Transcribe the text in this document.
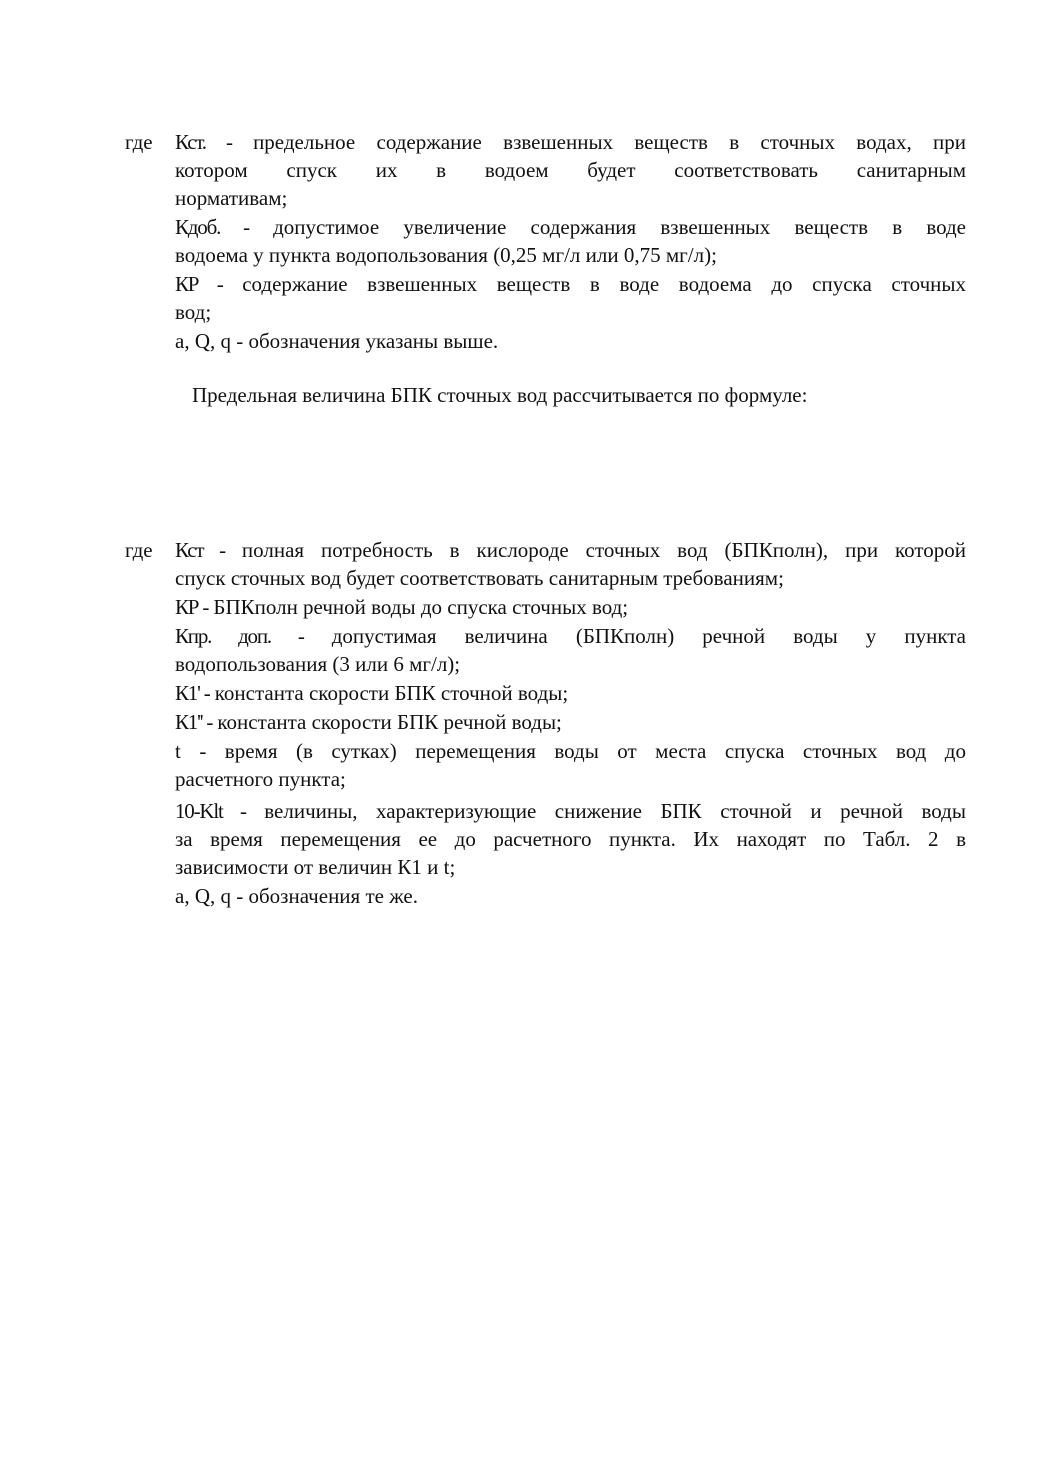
где Кст. - предельное содержание взвешенных веществ в сточных водах, при
котором спуск их в водоем будет соответствовать санитарным
нормативам;
Кдоб. - допустимое увеличение содержания взвешенных веществ в воде
водоема у пункта водопользования (0,25 мг/л или 0,75 мг/л);
КР - содержание взвешенных веществ в воде водоема до спуска сточных
вод;
а, Q, q - обозначения указаны выше.
Предельная величина БПК сточных вод рассчитывается по формуле:
где Кст - полная потребность в кислороде сточных вод (БПКполн), при которой
спуск сточных вод будет соответствовать санитарным требованиям;
КР - БПКполн речной воды до спуска сточных вод;
Кпр. доп. - допустимая величина (БПКполн) речной воды у пункта
водопользования (3 или 6 мг/л);
К1' - константа скорости БПК сточной воды;
К1'' - константа скорости БПК речной воды;
t - время (в сутках) перемещения воды от места спуска сточных вод до
расчетного пункта;
10-Klt - величины, характеризующие снижение БПК сточной и речной воды
за время перемещения ее до расчетного пункта. Их находят по Табл. 2 в
зависимости от величин К1 и t;
а, Q, q - обозначения те же.
